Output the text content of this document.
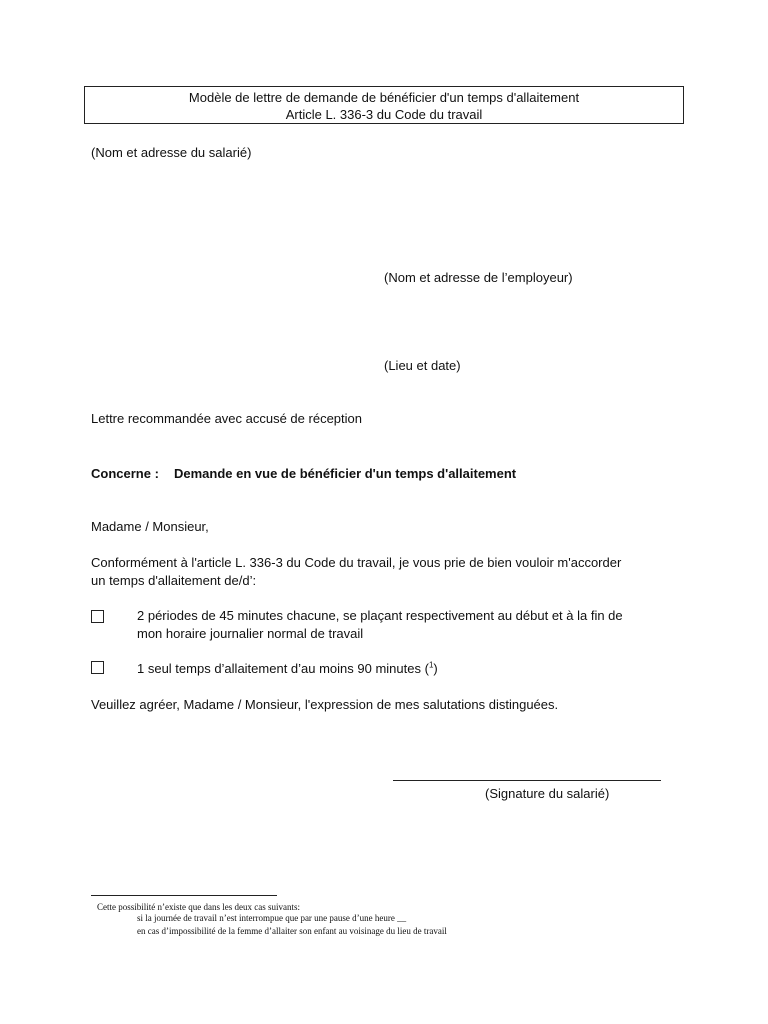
Modèle de lettre de demande de bénéficier d'un temps d'allaitement
Article L. 336-3 du Code du travail
(Nom et adresse du salarié)
(Nom et adresse de l’employeur)
(Lieu et date)
Lettre recommandée avec accusé de réception
Concerne : Demande en vue de bénéficier d'un temps d'allaitement
Madame / Monsieur,
Conformément à l'article L. 336-3 du Code du travail, je vous prie de bien vouloir m'accorder
un temps d'allaitement de/d’:
2 périodes de 45 minutes chacune, se plaçant respectivement au début et à la fin de
mon horaire journalier normal de travail
1 seul temps d’allaitement d’au moins 90 minutes ($^1$)
Veuillez agréer, Madame / Monsieur, l'expression de mes salutations distinguées.
(Signature du salarié)
Cette possibilité n’existe que dans les deux cas suivants:
si la journée de travail n’est interrompue que par une pause d’une heure __
en cas d’impossibilité de la femme d’allaiter son enfant au voisinage du lieu de travail
